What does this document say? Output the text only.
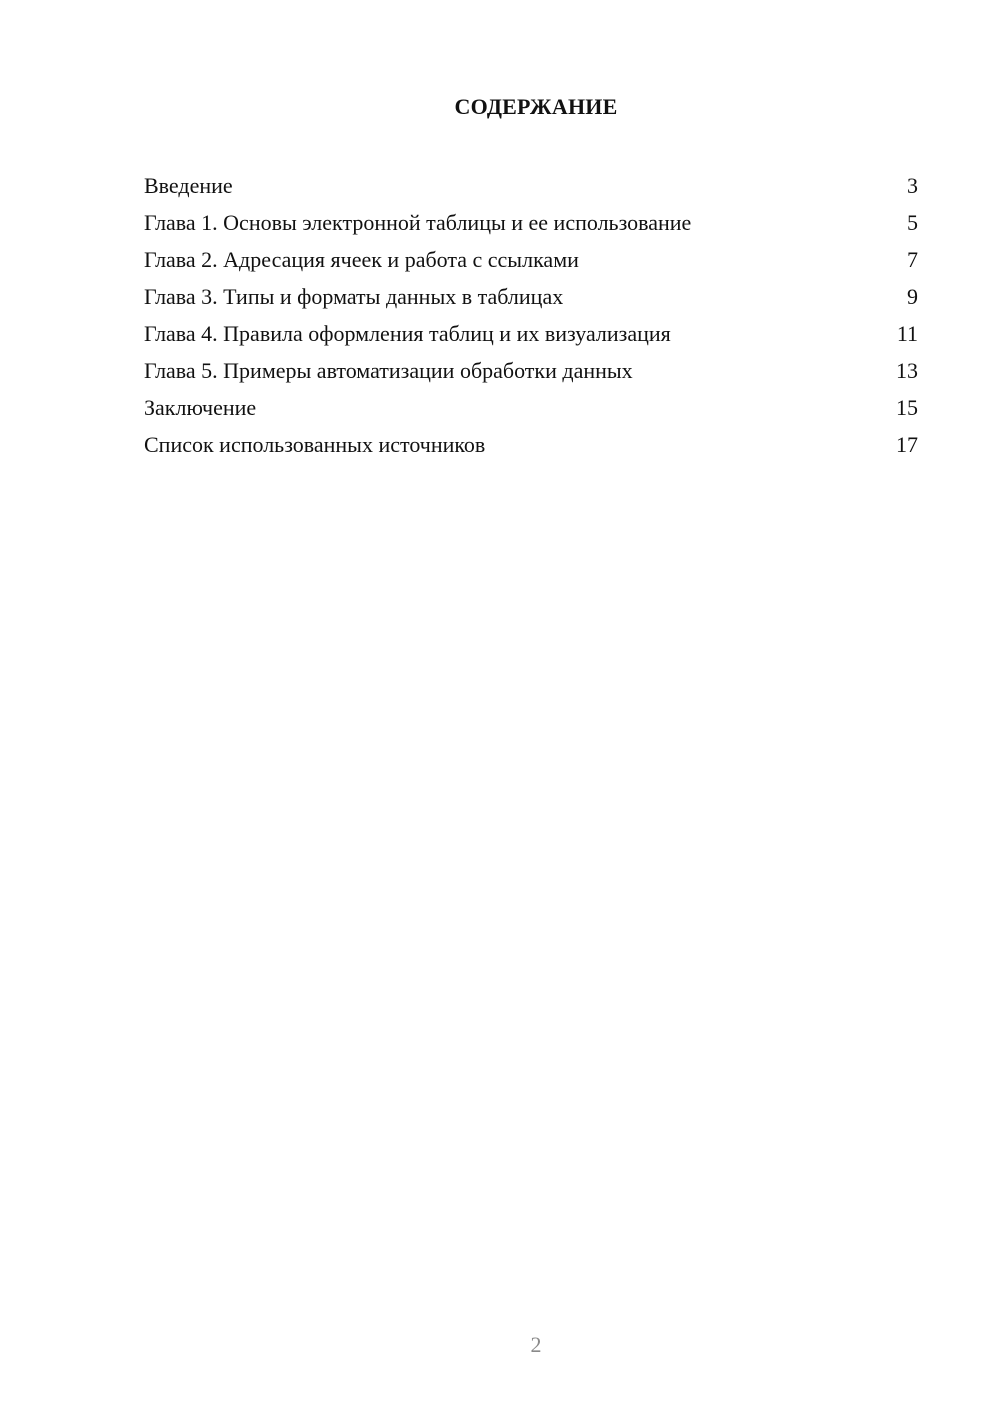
СОДЕРЖАНИЕ
Введение	3
Глава 1. Основы электронной таблицы и ее использование	5
Глава 2. Адресация ячеек и работа с ссылками	7
Глава 3. Типы и форматы данных в таблицах	9
Глава 4. Правила оформления таблиц и их визуализация	11
Глава 5. Примеры автоматизации обработки данных	13
Заключение	15
Список использованных источников	17
2
